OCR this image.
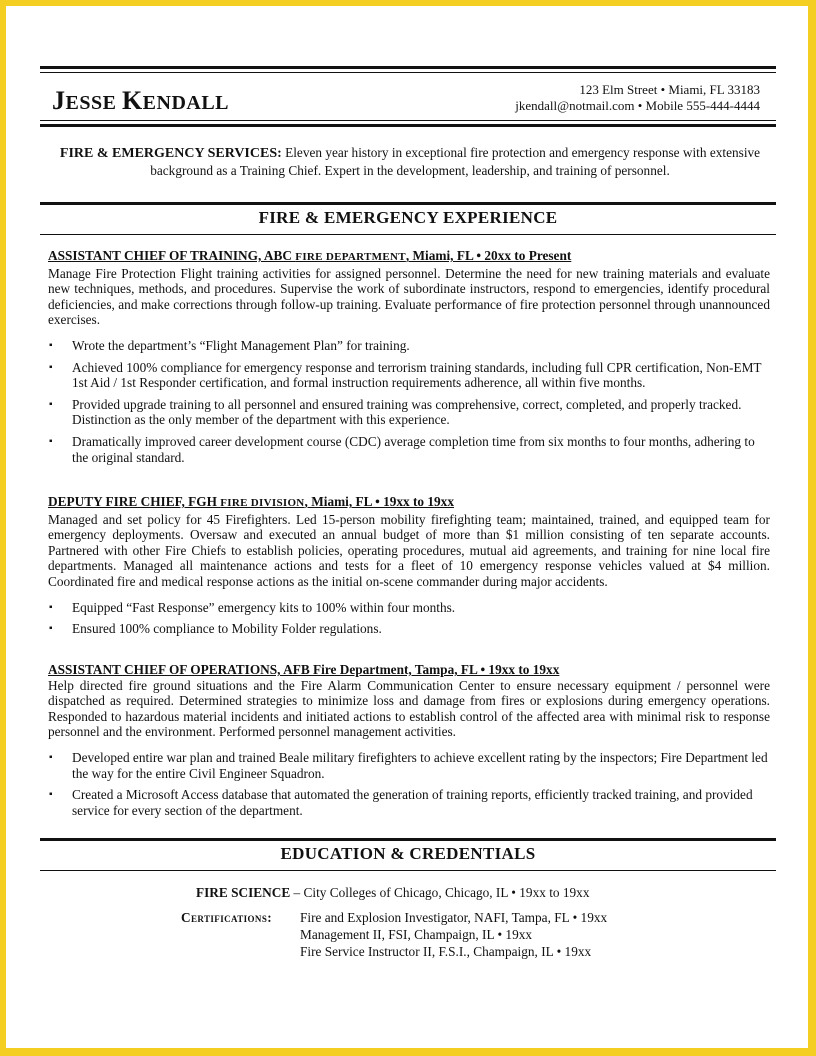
JESSE KENDALL
123 Elm Street • Miami, FL 33183
jkendall@notmail.com • Mobile 555-444-4444
FIRE & EMERGENCY SERVICES: Eleven year history in exceptional fire protection and emergency response with extensive background as a Training Chief. Expert in the development, leadership, and training of personnel.
FIRE & EMERGENCY EXPERIENCE
ASSISTANT CHIEF OF TRAINING, ABC FIRE DEPARTMENT, Miami, FL • 20xx to Present
Manage Fire Protection Flight training activities for assigned personnel. Determine the need for new training materials and evaluate new techniques, methods, and procedures. Supervise the work of subordinate instructors, respond to emergencies, identify procedural deficiencies, and make corrections through follow-up training. Evaluate performance of fire protection personnel through unannounced exercises.
▪ Wrote the department’s “Flight Management Plan” for training.
▪ Achieved 100% compliance for emergency response and terrorism training standards, including full CPR certification, Non-EMT 1st Aid / 1st Responder certification, and formal instruction requirements adherence, all within five months.
▪ Provided upgrade training to all personnel and ensured training was comprehensive, correct, completed, and properly tracked. Distinction as the only member of the department with this experience.
▪ Dramatically improved career development course (CDC) average completion time from six months to four months, adhering to the original standard.
DEPUTY FIRE CHIEF, FGH FIRE DIVISION, Miami, FL • 19xx to 19xx
Managed and set policy for 45 Firefighters. Led 15-person mobility firefighting team; maintained, trained, and equipped team for emergency deployments. Oversaw and executed an annual budget of more than $1 million consisting of ten separate accounts. Partnered with other Fire Chiefs to establish policies, operating procedures, mutual aid agreements, and training for nine local fire departments. Managed all maintenance actions and tests for a fleet of 10 emergency response vehicles valued at $4 million. Coordinated fire and medical response actions as the initial on-scene commander during major accidents.
▪ Equipped “Fast Response” emergency kits to 100% within four months.
▪ Ensured 100% compliance to Mobility Folder regulations.
ASSISTANT CHIEF OF OPERATIONS, AFB Fire Department, Tampa, FL • 19xx to 19xx
Help directed fire ground situations and the Fire Alarm Communication Center to ensure necessary equipment / personnel were dispatched as required. Determined strategies to minimize loss and damage from fires or explosions during emergency operations. Responded to hazardous material incidents and initiated actions to establish control of the affected area with minimal risk to response personnel and the environment. Performed personnel management activities.
▪ Developed entire war plan and trained Beale military firefighters to achieve excellent rating by the inspectors; Fire Department led the way for the entire Civil Engineer Squadron.
▪ Created a Microsoft Access database that automated the generation of training reports, efficiently tracked training, and provided service for every section of the department.
EDUCATION & CREDENTIALS
FIRE SCIENCE – City Colleges of Chicago, Chicago, IL • 19xx to 19xx
Certifications: Fire and Explosion Investigator, NAFI, Tampa, FL • 19xx
Management II, FSI, Champaign, IL • 19xx
Fire Service Instructor II, F.S.I., Champaign, IL • 19xx
